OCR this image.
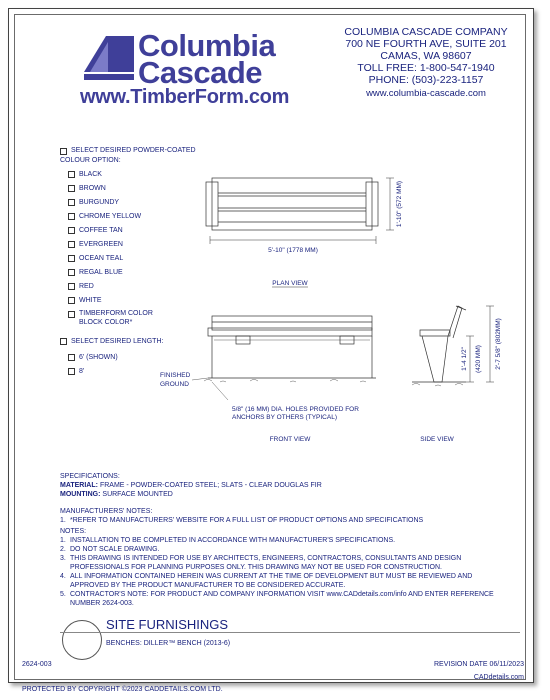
Columbia
Cascade
www.TimberForm.com
COLUMBIA CASCADE COMPANY
700 NE FOURTH AVE, SUITE 201
CAMAS, WA 98607
TOLL FREE: 1-800-547-1940
PHONE: (503)-223-1157
www.columbia-cascade.com
SELECT DESIRED POWDER-COATED
COLOUR OPTION:
BLACK
BROWN
BURGUNDY
CHROME YELLOW
COFFEE TAN
EVERGREEN
OCEAN TEAL
REGAL BLUE
RED
WHITE
TIMBERFORM COLOR
BLOCK COLOR*
SELECT DESIRED LENGTH:
6' (SHOWN)
8'
5'-10" (1778 MM)
1'-10" (572 MM)
PLAN VIEW
FINISHED
GROUND
5/8" (16 MM) DIA. HOLES PROVIDED FOR
ANCHORS BY OTHERS (TYPICAL)
FRONT VIEW
1'-4 1/2" (420 MM) 2'-7 5/8" (802MM)
SIDE VIEW
SPECIFICATIONS:
MATERIAL: FRAME - POWDER-COATED STEEL; SLATS - CLEAR DOUGLAS FIR
MOUNTING: SURFACE MOUNTED
MANUFACTURERS' NOTES:
1. *REFER TO MANUFACTURERS' WEBSITE FOR A FULL LIST OF PRODUCT OPTIONS AND SPECIFICATIONS
NOTES:
1. INSTALLATION TO BE COMPLETED IN ACCORDANCE WITH MANUFACTURER'S SPECIFICATIONS.
2. DO NOT SCALE DRAWING.
3. THIS DRAWING IS INTENDED FOR USE BY ARCHITECTS, ENGINEERS, CONTRACTORS, CONSULTANTS AND DESIGN PROFESSIONALS FOR PLANNING PURPOSES ONLY. THIS DRAWING MAY NOT BE USED FOR CONSTRUCTION.
4. ALL INFORMATION CONTAINED HEREIN WAS CURRENT AT THE TIME OF DEVELOPMENT BUT MUST BE REVIEWED AND APPROVED BY THE PRODUCT MANUFACTURER TO BE CONSIDERED ACCURATE.
5. CONTRACTOR'S NOTE: FOR PRODUCT AND COMPANY INFORMATION VISIT www.CADdetails.com/info AND ENTER REFERENCE NUMBER 2624-003.
SITE FURNISHINGS
BENCHES: DILLER™ BENCH (2013-6)
2624-003	REVISION DATE 06/11/2023
CADdetails.com
PROTECTED BY COPYRIGHT ©2023 CADDETAILS.COM LTD.
